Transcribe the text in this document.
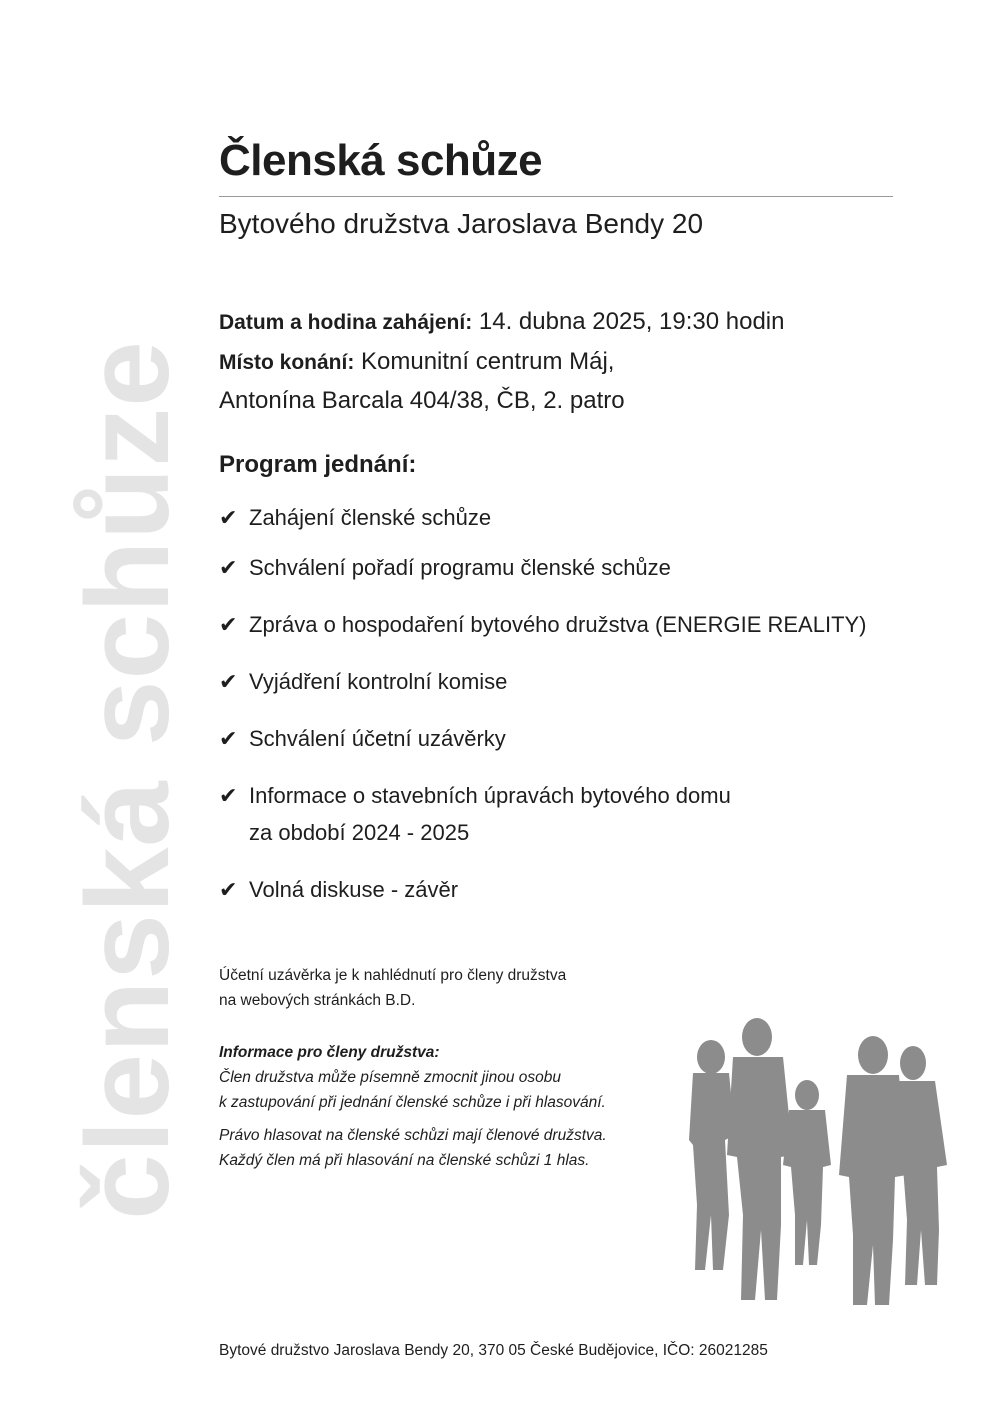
členská schůze
Členská schůze
Bytového družstva Jaroslava Bendy 20
Datum a hodina zahájení: 14. dubna 2025, 19:30 hodin
Místo konání: Komunitní centrum Máj,
Antonína Barcala 404/38, ČB, 2. patro
Program jednání:
✔ Zahájení členské schůze
✔ Schválení pořadí programu členské schůze
✔ Zpráva o hospodaření bytového družstva (ENERGIE REALITY)
✔ Vyjádření kontrolní komise
✔ Schválení účetní uzávěrky
✔ Informace o stavebních úpravách bytového domu
za období 2024 - 2025
✔ Volná diskuse - závěr
Účetní uzávěrka je k nahlédnutí pro členy družstva
na webových stránkách B.D.
Informace pro členy družstva:
Člen družstva může písemně zmocnit jinou osobu
k zastupování při jednání členské schůze i při hlasování.
Právo hlasovat na členské schůzi mají členové družstva.
Každý člen má při hlasování na členské schůzi 1 hlas.
Bytové družstvo Jaroslava Bendy 20, 370 05 České Budějovice, IČO: 26021285
